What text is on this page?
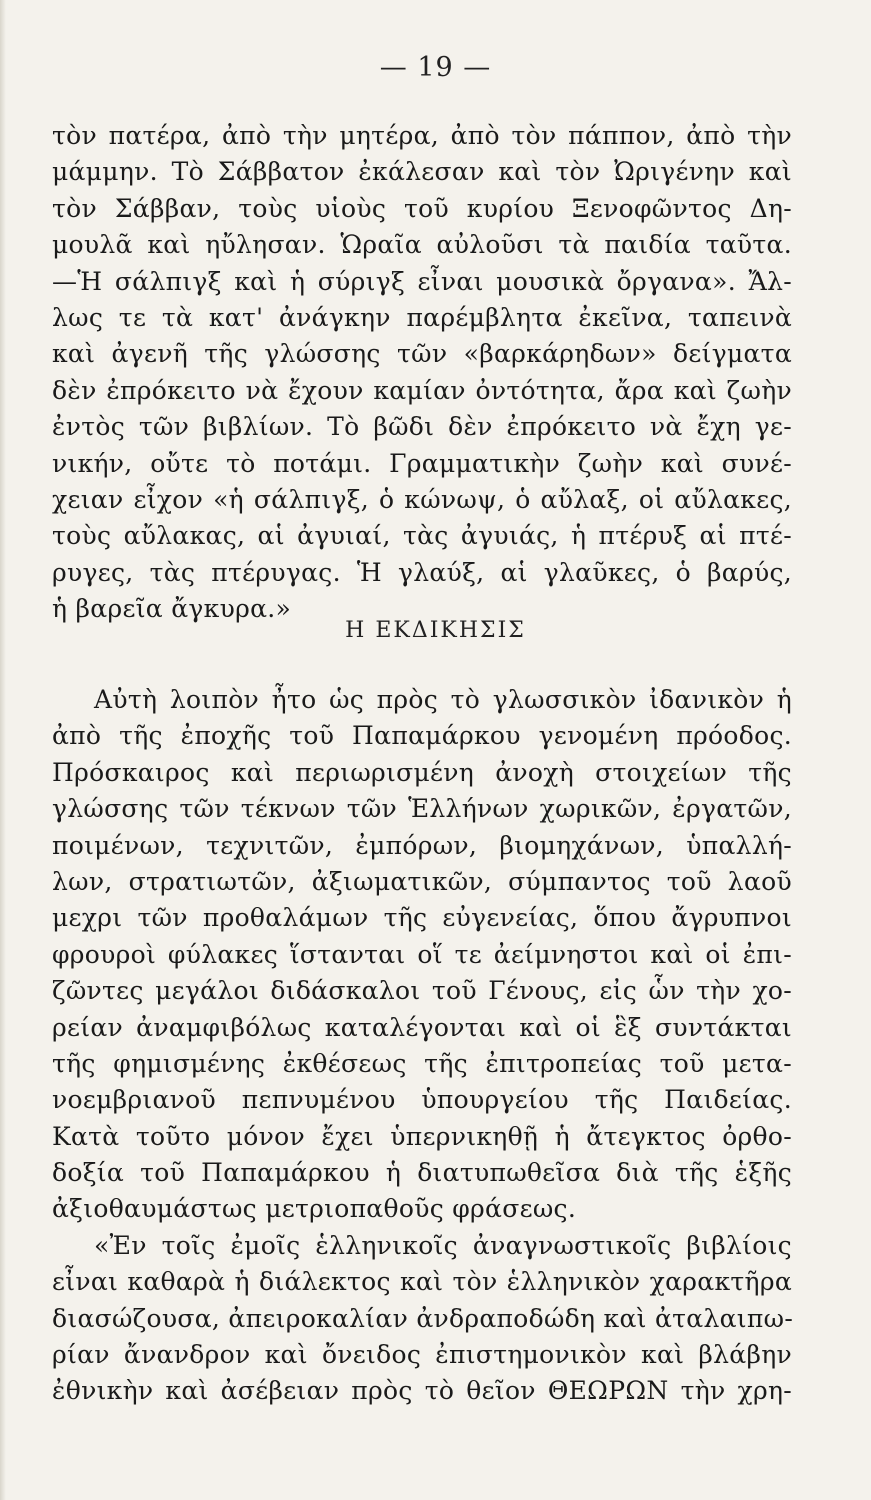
— 19 —
τὸν πατέρα, ἀπὸ τὴν μητέρα, ἀπὸ τὸν πάππον, ἀπὸ τὴν
μάμμην. Τὸ Σάββατον ἐκάλεσαν καὶ τὸν Ὠριγένην καὶ
τὸν Σάββαν, τοὺς υἱοὺς τοῦ κυρίου Ξενοφῶντος Δη-
μουλᾶ καὶ ηὔλησαν. Ὡραῖα αὐλοῦσι τὰ παιδία ταῦτα.
—Ἡ σάλπιγξ καὶ ἡ σύριγξ εἶναι μουσικὰ ὄργανα». Ἄλ-
λως τε τὰ κατ' ἀνάγκην παρέμβλητα ἐκεῖνα, ταπεινὰ
καὶ ἀγενῆ τῆς γλώσσης τῶν «βαρκάρηδων» δείγματα
δὲν ἐπρόκειτο νὰ ἔχουν καμίαν ὀντότητα, ἄρα καὶ ζωὴν
ἐντὸς τῶν βιβλίων. Τὸ βῶδι δὲν ἐπρόκειτο νὰ ἔχη γε-
νικήν, οὔτε τὸ ποτάμι. Γραμματικὴν ζωὴν καὶ συνέ-
χειαν εἶχον «ἡ σάλπιγξ, ὁ κώνωψ, ὁ αὔλαξ, οἱ αὔλακες,
τοὺς αὔλακας, αἱ ἀγυιαί, τὰς ἀγυιάς, ἡ πτέρυξ αἱ πτέ-
ρυγες, τὰς πτέρυγας. Ἡ γλαύξ, αἱ γλαῦκες, ὁ βαρύς,
ἡ βαρεῖα ἄγκυρα.»
Η ΕΚΔΙΚΗΣΙΣ
Αὐτὴ λοιπὸν ἦτο ὡς πρὸς τὸ γλωσσικὸν ἰδανικὸν ἡ
ἀπὸ τῆς ἐποχῆς τοῦ Παπαμάρκου γενομένη πρόοδος.
Πρόσκαιρος καὶ περιωρισμένη ἀνοχὴ στοιχείων τῆς
γλώσσης τῶν τέκνων τῶν Ἑλλήνων χωρικῶν, ἐργατῶν,
ποιμένων, τεχνιτῶν, ἐμπόρων, βιομηχάνων, ὑπαλλή-
λων, στρατιωτῶν, ἀξιωματικῶν, σύμπαντος τοῦ λαοῦ
μεχρι τῶν προθαλάμων τῆς εὐγενείας, ὅπου ἄγρυπνοι
φρουροὶ φύλακες ἵστανται οἵ τε ἀείμνηστοι καὶ οἱ ἐπι-
ζῶντες μεγάλοι διδάσκαλοι τοῦ Γένους, εἰς ὧν τὴν χο-
ρείαν ἀναμφιβόλως καταλέγονται καὶ οἱ ἓξ συντάκται
τῆς φημισμένης ἐκθέσεως τῆς ἐπιτροπείας τοῦ μετα-
νοεμβριανοῦ πεπνυμένου ὑπουργείου τῆς Παιδείας.
Κατὰ τοῦτο μόνον ἔχει ὑπερνικηθῇ ἡ ἄτεγκτος ὀρθο-
δοξία τοῦ Παπαμάρκου ἡ διατυπωθεῖσα διὰ τῆς ἑξῆς
ἀξιοθαυμάστως μετριοπαθοῦς φράσεως.
«Ἐν τοῖς ἐμοῖς ἑλληνικοῖς ἀναγνωστικοῖς βιβλίοις
εἶναι καθαρὰ ἡ διάλεκτος καὶ τὸν ἑλληνικὸν χαρακτῆρα
διασώζουσα, ἀπειροκαλίαν ἀνδραποδώδη καὶ ἀταλαιπω-
ρίαν ἄνανδρον καὶ ὄνειδος ἐπιστημονικὸν καὶ βλάβην
ἐθνικὴν καὶ ἀσέβειαν πρὸς τὸ θεῖον ΘΕΩΡΩΝ τὴν χρη-
